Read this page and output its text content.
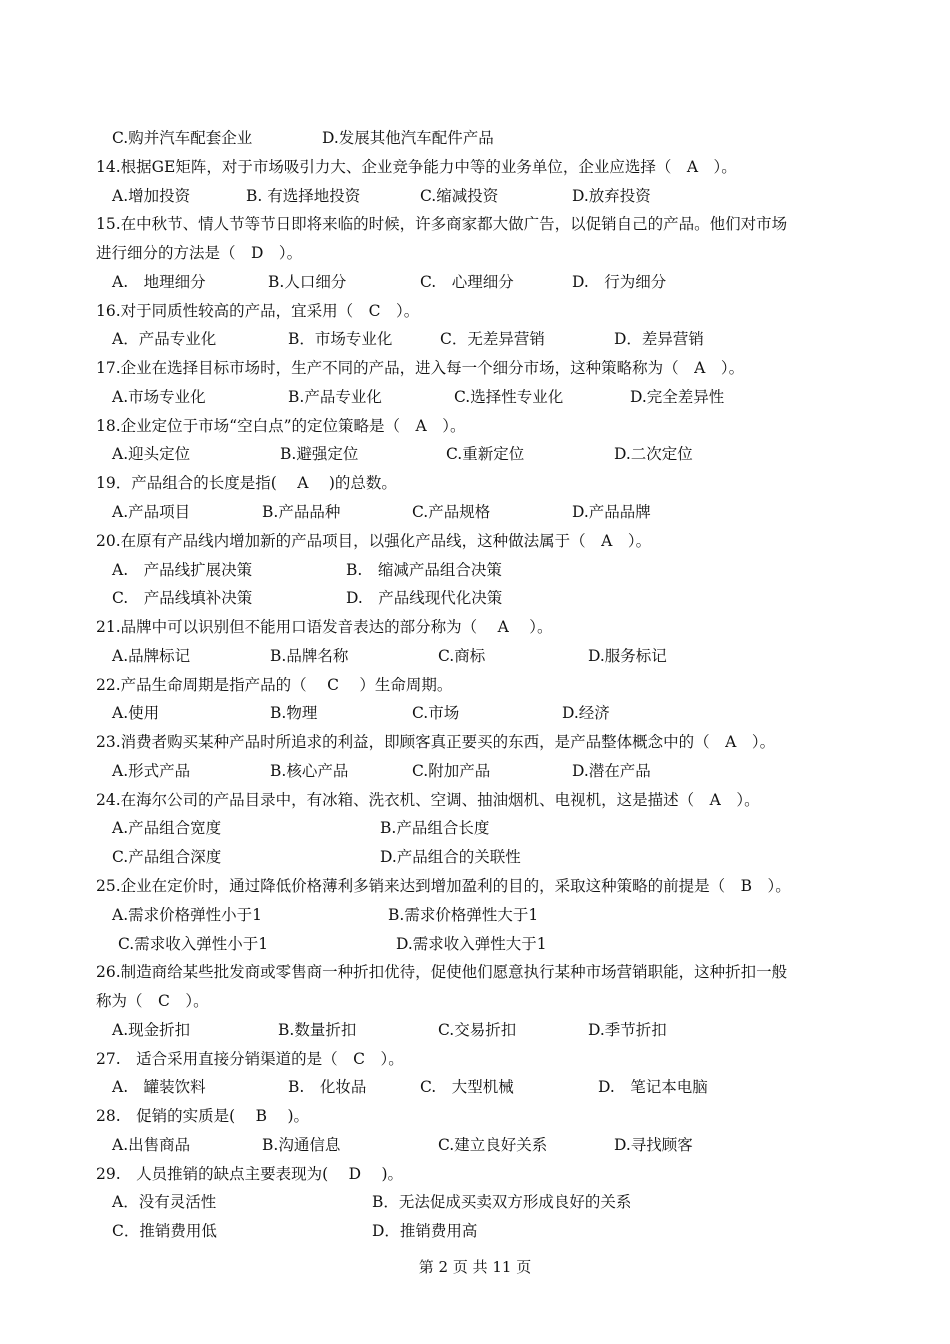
C.购并汽车配套企业	D.发展其他汽车配件产品
14.根据GE矩阵，对于市场吸引力大、企业竞争能力中等的业务单位，企业应选择（　A　）。
A.增加投资	B. 有选择地投资	C.缩减投资	D.放弃投资
15.在中秋节、情人节等节日即将来临的时候，许多商家都大做广告，以促销自己的产品。他们对市场
进行细分的方法是（　D　）。
A.　地理细分	B.人口细分	C.　心理细分	D.　行为细分
16.对于同质性较高的产品，宜采用（　C　）。
A．产品专业化	B．市场专业化	C．无差异营销	D．差异营销
17.企业在选择目标市场时，生产不同的产品，进入每一个细分市场，这种策略称为（　A　）。
A.市场专业化	B.产品专业化	C.选择性专业化	D.完全差异性
18.企业定位于市场“空白点”的定位策略是（　A　）。
A.迎头定位	B.避强定位	C.重新定位	D.二次定位
19．产品组合的长度是指(　 A　 )的总数。
A.产品项目	B.产品品种	C.产品规格	D.产品品牌
20.在原有产品线内增加新的产品项目，以强化产品线，这种做法属于（　A　）。
A.　产品线扩展决策	B.　缩减产品组合决策
C.　产品线填补决策	D.　产品线现代化决策
21.品牌中可以识别但不能用口语发音表达的部分称为（　 A　 ）。
A.品牌标记	B.品牌名称	C.商标	D.服务标记
22.产品生命周期是指产品的（　 C　 ）生命周期。
A.使用	B.物理	C.市场	D.经济
23.消费者购买某种产品时所追求的利益，即顾客真正要买的东西，是产品整体概念中的（　A　）。
A.形式产品	B.核心产品	C.附加产品	D.潜在产品
24.在海尔公司的产品目录中，有冰箱、洗衣机、空调、抽油烟机、电视机，这是描述（　A　）。
A.产品组合宽度	B.产品组合长度
C.产品组合深度	D.产品组合的关联性
25.企业在定价时，通过降低价格薄利多销来达到增加盈利的目的，采取这种策略的前提是（　B　）。
A.需求价格弹性小于1	B.需求价格弹性大于1
C.需求收入弹性小于1	D.需求收入弹性大于1
26.制造商给某些批发商或零售商一种折扣优待，促使他们愿意执行某种市场营销职能，这种折扣一般
称为（　C　）。
A.现金折扣	B.数量折扣	C.交易折扣	D.季节折扣
27.　适合采用直接分销渠道的是（　C　）。
A.　罐装饮料	B.　化妆品	C.　大型机械	D.　笔记本电脑
28.　促销的实质是(　 B　 )。
A.出售商品	B.沟通信息	C.建立良好关系	D.寻找顾客
29.　人员推销的缺点主要表现为(　 D　 )。
A．没有灵活性	B．无法促成买卖双方形成良好的关系
C．推销费用低	D．推销费用高
第 2 页 共 11 页
